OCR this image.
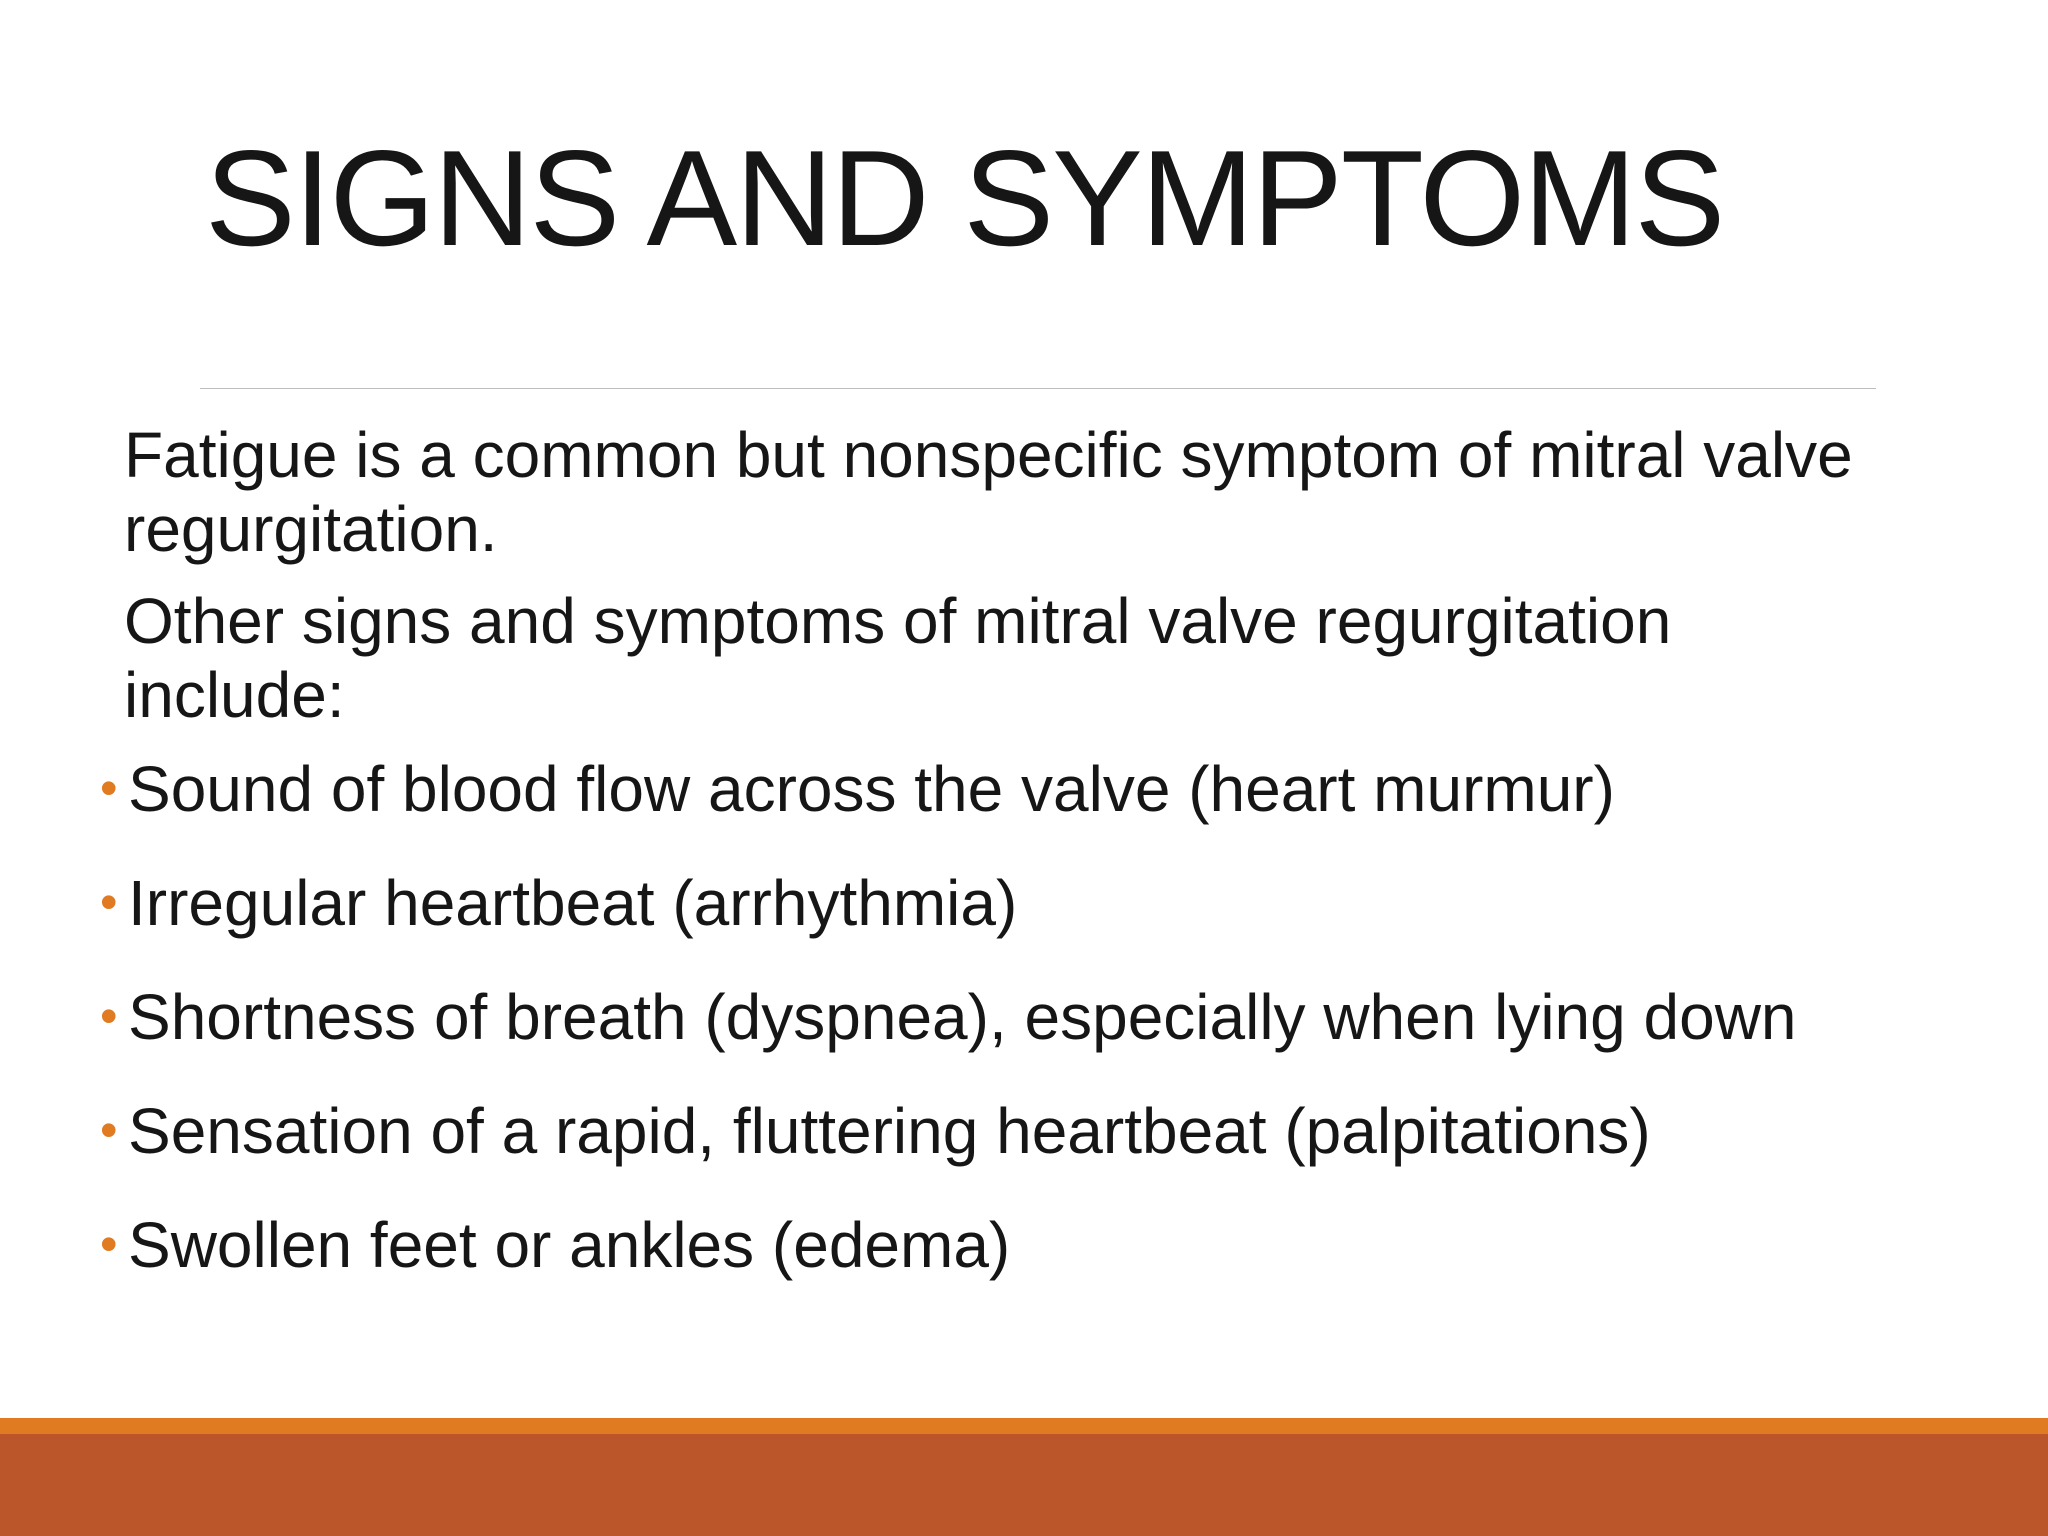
SIGNS AND SYMPTOMS

Fatigue is a common but nonspecific symptom of mitral valve regurgitation.

Other signs and symptoms of mitral valve regurgitation include:

• Sound of blood flow across the valve (heart murmur)
• Irregular heartbeat (arrhythmia)
• Shortness of breath (dyspnea), especially when lying down
• Sensation of a rapid, fluttering heartbeat (palpitations)
• Swollen feet or ankles (edema)
